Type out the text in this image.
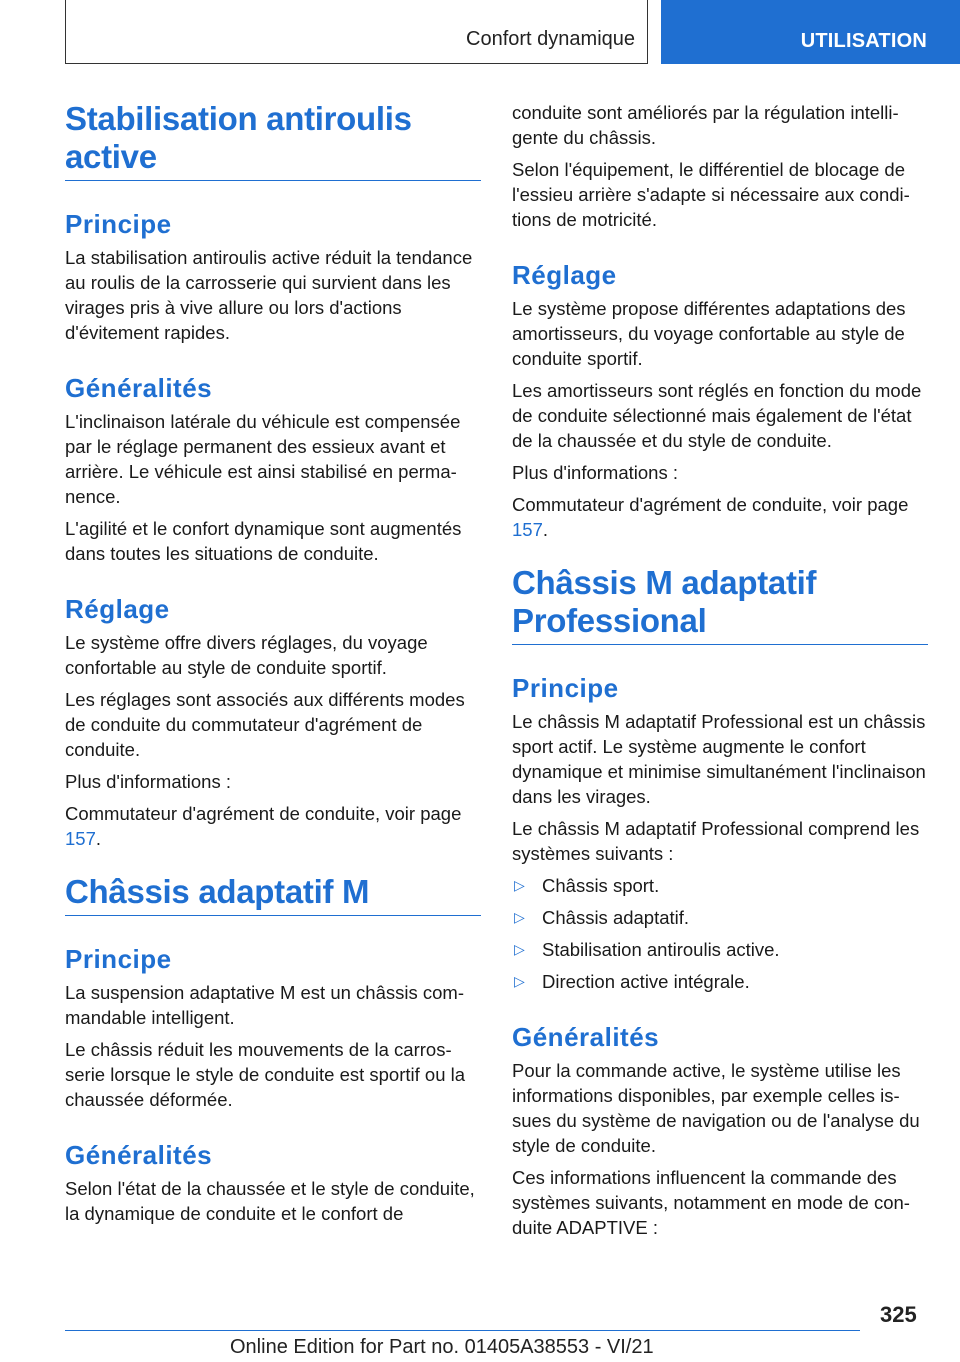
Confort dynamique	UTILISATION
Stabilisation antiroulis active
Principe

La stabilisation antiroulis active réduit la tendance au roulis de la carrosserie qui survient dans les virages pris à vive allure ou lors d'actions d'évitement rapides.

Généralités

L'inclinaison latérale du véhicule est compensée par le réglage permanent des essieux avant et arrière. Le véhicule est ainsi stabilisé en permanence.

L'agilité et le confort dynamique sont augmentés dans toutes les situations de conduite.

Réglage

Le système offre divers réglages, du voyage confortable au style de conduite sportif.

Les réglages sont associés aux différents modes de conduite du commutateur d'agrément de conduite.

Plus d'informations :

Commutateur d'agrément de conduite, voir page 157.

Châssis adaptatif M
Principe

La suspension adaptative M est un châssis commandable intelligent.

Le châssis réduit les mouvements de la carrosserie lorsque le style de conduite est sportif ou la chaussée déformée.

Généralités

Selon l'état de la chaussée et le style de conduite, la dynamique de conduite et le confort de

conduite sont améliorés par la régulation intelligente du châssis.

Selon l'équipement, le différentiel de blocage de l'essieu arrière s'adapte si nécessaire aux conditions de motricité.

Réglage

Le système propose différentes adaptations des amortisseurs, du voyage confortable au style de conduite sportif.

Les amortisseurs sont réglés en fonction du mode de conduite sélectionné mais également de l'état de la chaussée et du style de conduite.

Plus d'informations :

Commutateur d'agrément de conduite, voir page 157.

Châssis M adaptatif Professional
Principe

Le châssis M adaptatif Professional est un châssis sport actif. Le système augmente le confort dynamique et minimise simultanément l'inclinaison dans les virages.

Le châssis M adaptatif Professional comprend les systèmes suivants :

▷ Châssis sport.
▷ Châssis adaptatif.
▷ Stabilisation antiroulis active.
▷ Direction active intégrale.
Généralités

Pour la commande active, le système utilise les informations disponibles, par exemple celles issues du système de navigation ou de l'analyse du style de conduite.

Ces informations influencent la commande des systèmes suivants, notamment en mode de conduite ADAPTIVE :

325
Online Edition for Part no. 01405A38553 - VI/21
